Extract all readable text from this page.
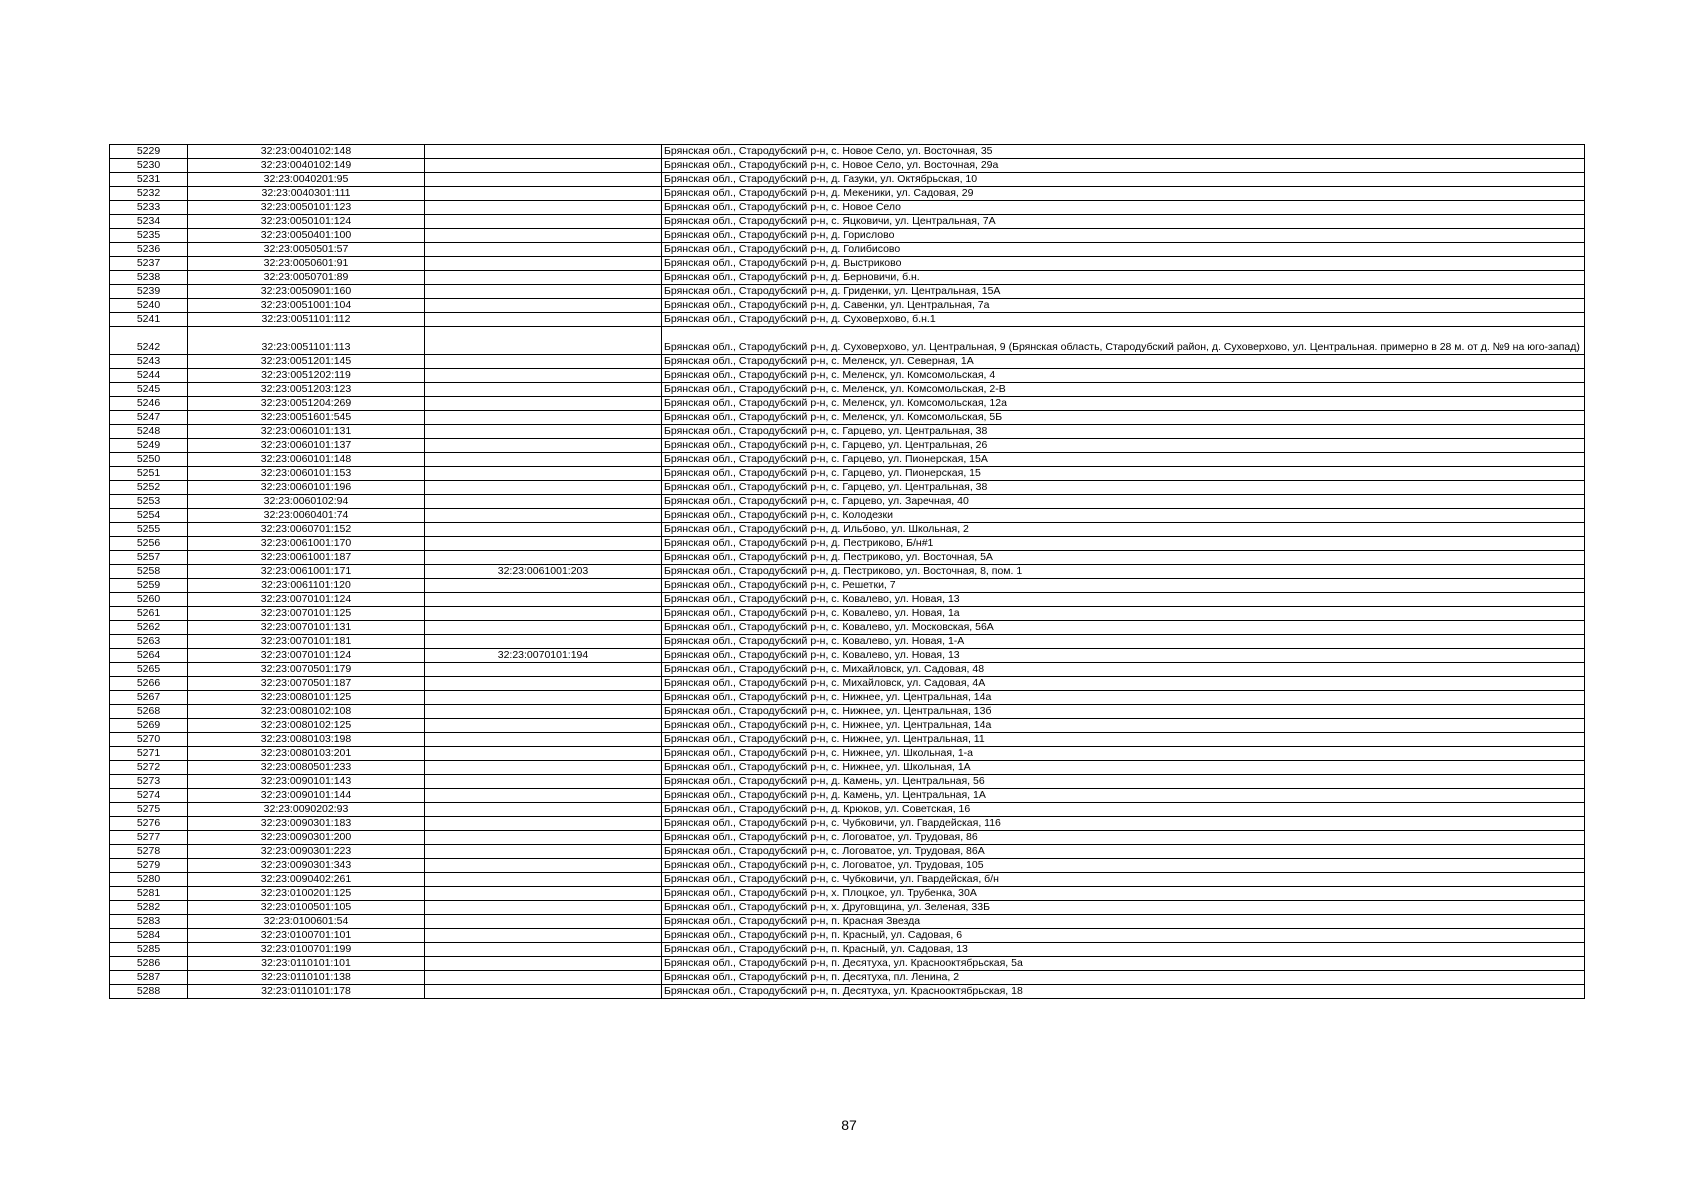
5229	32:23:0040102:148		Брянская обл., Стародубский р-н, с. Новое Село, ул. Восточная, 35
5230	32:23:0040102:149		Брянская обл., Стародубский р-н, с. Новое Село, ул. Восточная, 29а
5231	32:23:0040201:95		Брянская обл., Стародубский р-н, д. Газуки, ул. Октябрьская, 10
5232	32:23:0040301:111		Брянская обл., Стародубский р-н, д. Мекеники, ул. Садовая, 29
5233	32:23:0050101:123		Брянская обл., Стародубский р-н, с. Новое Село
5234	32:23:0050101:124		Брянская обл., Стародубский р-н, с. Яцковичи, ул. Центральная, 7А
5235	32:23:0050401:100		Брянская обл., Стародубский р-н, д. Горислово
5236	32:23:0050501:57		Брянская обл., Стародубский р-н, д. Голибисово
5237	32:23:0050601:91		Брянская обл., Стародубский р-н, д. Выстриково
5238	32:23:0050701:89		Брянская обл., Стародубский р-н, д. Берновичи, б.н.
5239	32:23:0050901:160		Брянская обл., Стародубский р-н, д. Гриденки, ул. Центральная, 15А
5240	32:23:0051001:104		Брянская обл., Стародубский р-н, д. Савенки, ул. Центральная, 7а
5241	32:23:0051101:112		Брянская обл., Стародубский р-н, д. Суховерхово, б.н.1
5242	32:23:0051101:113		Брянская обл., Стародубский р-н, д. Суховерхово, ул. Центральная, 9 (Брянская область, Стародубский район, д. Суховерхово, ул. Центральная. примерно в 28 м. от д. №9 на юго-запад)
5243	32:23:0051201:145		Брянская обл., Стародубский р-н, с. Меленск, ул. Северная, 1А
5244	32:23:0051202:119		Брянская обл., Стародубский р-н, с. Меленск, ул. Комсомольская, 4
5245	32:23:0051203:123		Брянская обл., Стародубский р-н, с. Меленск, ул. Комсомольская, 2-В
5246	32:23:0051204:269		Брянская обл., Стародубский р-н, с. Меленск, ул. Комсомольская, 12а
5247	32:23:0051601:545		Брянская обл., Стародубский р-н, с. Меленск, ул. Комсомольская, 5Б
5248	32:23:0060101:131		Брянская обл., Стародубский р-н, с. Гарцево, ул. Центральная, 38
5249	32:23:0060101:137		Брянская обл., Стародубский р-н, с. Гарцево, ул. Центральная, 26
5250	32:23:0060101:148		Брянская обл., Стародубский р-н, с. Гарцево, ул. Пионерская, 15А
5251	32:23:0060101:153		Брянская обл., Стародубский р-н, с. Гарцево, ул. Пионерская, 15
5252	32:23:0060101:196		Брянская обл., Стародубский р-н, с. Гарцево, ул. Центральная, 38
5253	32:23:0060102:94		Брянская обл., Стародубский р-н, с. Гарцево, ул. Заречная, 40
5254	32:23:0060401:74		Брянская обл., Стародубский р-н, с. Колодезки
5255	32:23:0060701:152		Брянская обл., Стародубский р-н, д. Ильбово, ул. Школьная, 2
5256	32:23:0061001:170		Брянская обл., Стародубский р-н, д. Пестриково, Б/н#1
5257	32:23:0061001:187		Брянская обл., Стародубский р-н, д. Пестриково, ул. Восточная, 5А
5258	32:23:0061001:171	32:23:0061001:203	Брянская обл., Стародубский р-н, д. Пестриково, ул. Восточная, 8, пом. 1
5259	32:23:0061101:120		Брянская обл., Стародубский р-н, с. Решетки, 7
5260	32:23:0070101:124		Брянская обл., Стародубский р-н, с. Ковалево, ул. Новая, 13
5261	32:23:0070101:125		Брянская обл., Стародубский р-н, с. Ковалево, ул. Новая, 1а
5262	32:23:0070101:131		Брянская обл., Стародубский р-н, с. Ковалево, ул. Московская, 56А
5263	32:23:0070101:181		Брянская обл., Стародубский р-н, с. Ковалево, ул. Новая, 1-А
5264	32:23:0070101:124	32:23:0070101:194	Брянская обл., Стародубский р-н, с. Ковалево, ул. Новая, 13
5265	32:23:0070501:179		Брянская обл., Стародубский р-н, с. Михайловск, ул. Садовая, 48
5266	32:23:0070501:187		Брянская обл., Стародубский р-н, с. Михайловск, ул. Садовая, 4А
5267	32:23:0080101:125		Брянская обл., Стародубский р-н, с. Нижнее, ул. Центральная, 14а
5268	32:23:0080102:108		Брянская обл., Стародубский р-н, с. Нижнее, ул. Центральная, 13б
5269	32:23:0080102:125		Брянская обл., Стародубский р-н, с. Нижнее, ул. Центральная, 14а
5270	32:23:0080103:198		Брянская обл., Стародубский р-н, с. Нижнее, ул. Центральная, 11
5271	32:23:0080103:201		Брянская обл., Стародубский р-н, с. Нижнее, ул. Школьная, 1-а
5272	32:23:0080501:233		Брянская обл., Стародубский р-н, с. Нижнее, ул. Школьная, 1А
5273	32:23:0090101:143		Брянская обл., Стародубский р-н, д. Камень, ул. Центральная, 56
5274	32:23:0090101:144		Брянская обл., Стародубский р-н, д. Камень, ул. Центральная, 1А
5275	32:23:0090202:93		Брянская обл., Стародубский р-н, д. Крюков, ул. Советская, 16
5276	32:23:0090301:183		Брянская обл., Стародубский р-н, с. Чубковичи, ул. Гвардейская, 116
5277	32:23:0090301:200		Брянская обл., Стародубский р-н, с. Логоватое, ул. Трудовая, 86
5278	32:23:0090301:223		Брянская обл., Стародубский р-н, с. Логоватое, ул. Трудовая, 86А
5279	32:23:0090301:343		Брянская обл., Стародубский р-н, с. Логоватое, ул. Трудовая, 105
5280	32:23:0090402:261		Брянская обл., Стародубский р-н, с. Чубковичи, ул. Гвардейская, б/н
5281	32:23:0100201:125		Брянская обл., Стародубский р-н, х. Плоцкое, ул. Трубенка, 30А
5282	32:23:0100501:105		Брянская обл., Стародубский р-н, х. Друговщина, ул. Зеленая, 33Б
5283	32:23:0100601:54		Брянская обл., Стародубский р-н, п. Красная Звезда
5284	32:23:0100701:101		Брянская обл., Стародубский р-н, п. Красный, ул. Садовая, 6
5285	32:23:0100701:199		Брянская обл., Стародубский р-н, п. Красный, ул. Садовая, 13
5286	32:23:0110101:101		Брянская обл., Стародубский р-н, п. Десятуха, ул. Краснооктябрьская, 5а
5287	32:23:0110101:138		Брянская обл., Стародубский р-н, п. Десятуха, пл. Ленина, 2
5288	32:23:0110101:178		Брянская обл., Стародубский р-н, п. Десятуха, ул. Краснооктябрьская, 18
87
